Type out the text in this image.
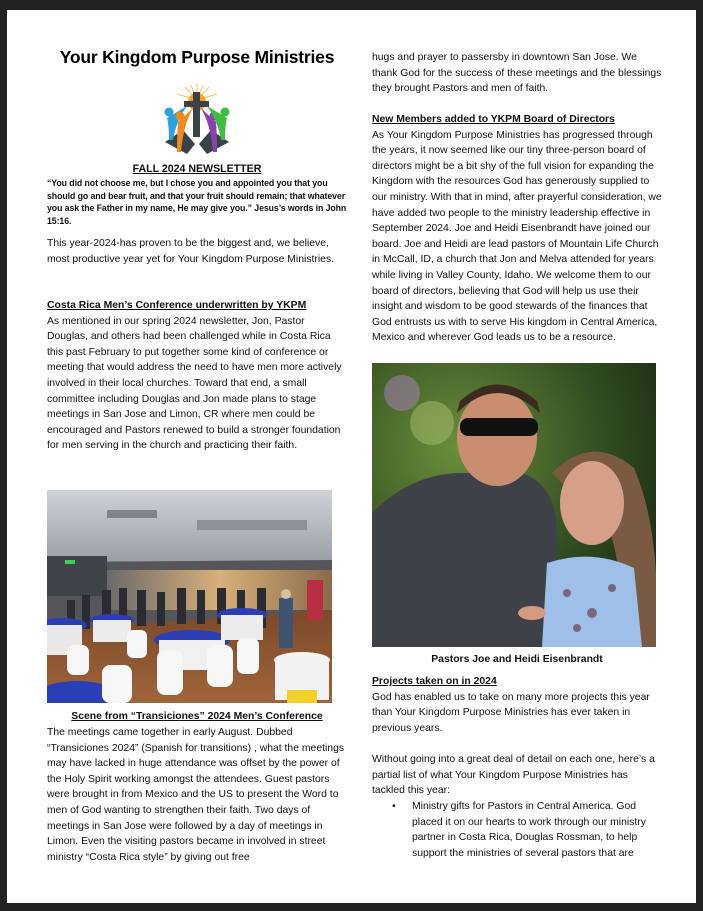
Your Kingdom Purpose Ministries
FALL 2024 NEWSLETTER
“You did not choose me, but I chose you and appointed you that you should go and bear fruit, and that your fruit should remain; that whatever you ask the Father in my name, He may give you.” Jesus’s words in John 15:16.

This year-2024-has proven to be the biggest and, we believe, most productive year yet for Your Kingdom Purpose Ministries.

Costa Rica Men’s Conference underwritten by YKPM
As mentioned in our spring 2024 newsletter, Jon, Pastor Douglas, and others had been challenged while in Costa Rica this past February to put together some kind of conference or meeting that would address the need to have men more actively involved in their local churches. Toward that end, a small committee including Douglas and Jon made plans to stage meetings in San Jose and Limon, CR where men could be encouraged and Pastors renewed to build a stronger foundation for men serving in the church and practicing their faith.
Scene from “Transiciones” 2024 Men’s Conference

The meetings came together in early August. Dubbed “Transiciones 2024” (Spanish for transitions) , what the meetings may have lacked in huge attendance was offset by the power of the Holy Spirit working amongst the attendees. Guest pastors were brought in from Mexico and the US to present the Word to men of God wanting to strengthen their faith. Two days of meetings in San Jose were followed by a day of meetings in Limon. Even the visiting pastors became in involved in street ministry “Costa Rica style” by giving out free

hugs and prayer to passersby in downtown San Jose. We thank God for the success of these meetings and the blessings they brought Pastors and men of faith.

New Members added to YKPM Board of Directors
As Your Kingdom Purpose Ministries has progressed through the years, it now seemed like our tiny three-person board of directors might be a bit shy of the full vision for expanding the Kingdom with the resources God has generously supplied to our ministry. With that in mind, after prayerful consideration, we have added two people to the ministry leadership effective in September 2024. Joe and Heidi Eisenbrandt have joined our board. Joe and Heidi are lead pastors of Mountain Life Church in McCall, ID, a church that Jon and Melva attended for years while living in Valley County, Idaho. We welcome them to our board of directors, believing that God will help us use their insight and wisdom to be good stewards of the finances that God entrusts us with to serve His kingdom in Central America, Mexico and wherever God leads us to be a resource.
Pastors Joe and Heidi Eisenbrandt
Projects taken on in 2024
God has enabled us to take on many more projects this year than Your Kingdom Purpose Ministries has ever taken in previous years.

Without going into a great deal of detail on each one, here’s a partial list of what Your Kingdom Purpose Ministries has tackled this year:

• Ministry gifts for Pastors in Central America. God placed it on our hearts to work through our ministry partner in Costa Rica, Douglas Rossman, to help support the ministries of several pastors that are
